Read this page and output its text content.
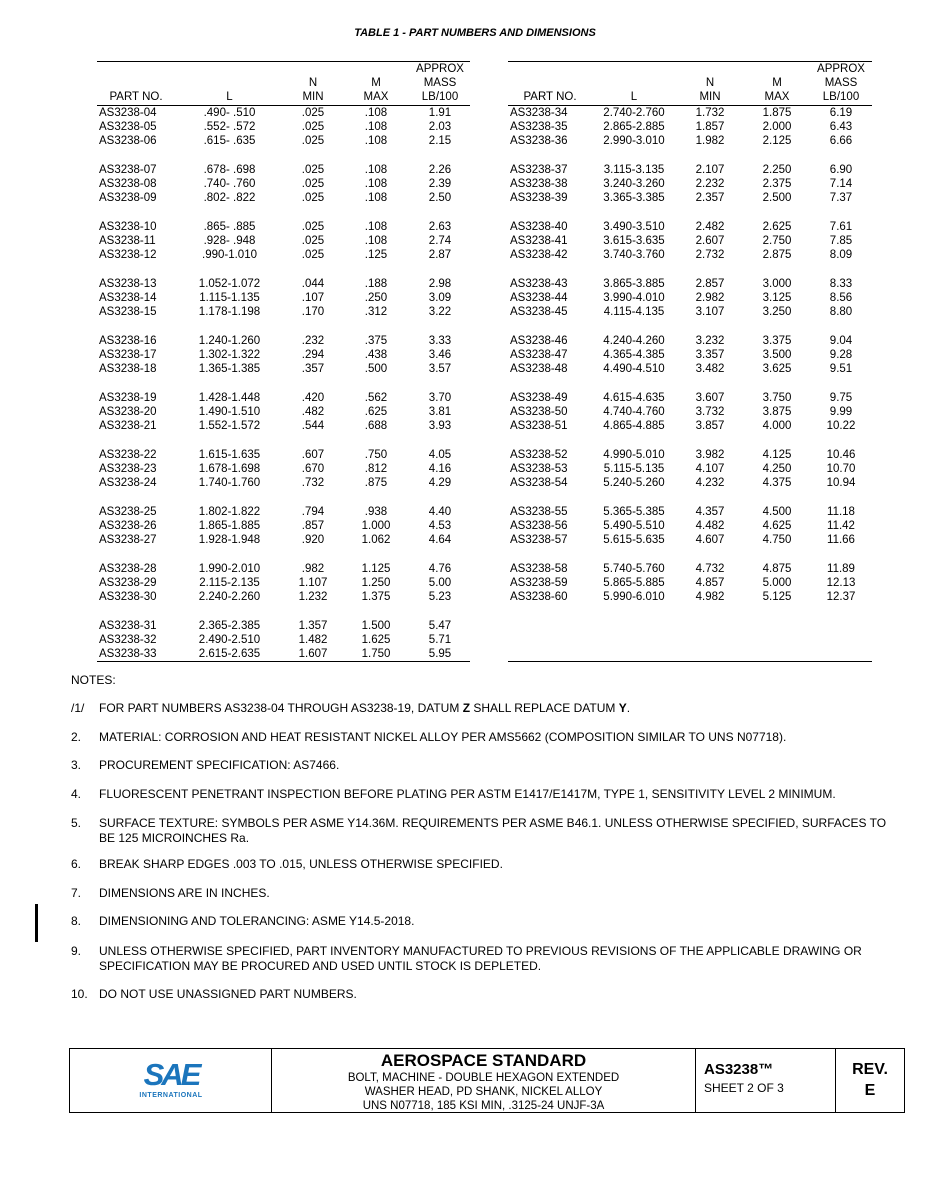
TABLE 1 - PART NUMBERS AND DIMENSIONS
				APPROX
		N	M	MASS
PART NO.	L	MIN	MAX	LB/100
AS3238-04	.490- .510	.025	.108	1.91
AS3238-05	.552- .572	.025	.108	2.03
AS3238-06	.615- .635	.025	.108	2.15
AS3238-07	.678- .698	.025	.108	2.26
AS3238-08	.740- .760	.025	.108	2.39
AS3238-09	.802- .822	.025	.108	2.50
AS3238-10	.865- .885	.025	.108	2.63
AS3238-11	.928- .948	.025	.108	2.74
AS3238-12	.990-1.010	.025	.125	2.87
AS3238-13	1.052-1.072	.044	.188	2.98
AS3238-14	1.115-1.135	.107	.250	3.09
AS3238-15	1.178-1.198	.170	.312	3.22
AS3238-16	1.240-1.260	.232	.375	3.33
AS3238-17	1.302-1.322	.294	.438	3.46
AS3238-18	1.365-1.385	.357	.500	3.57
AS3238-19	1.428-1.448	.420	.562	3.70
AS3238-20	1.490-1.510	.482	.625	3.81
AS3238-21	1.552-1.572	.544	.688	3.93
AS3238-22	1.615-1.635	.607	.750	4.05
AS3238-23	1.678-1.698	.670	.812	4.16
AS3238-24	1.740-1.760	.732	.875	4.29
AS3238-25	1.802-1.822	.794	.938	4.40
AS3238-26	1.865-1.885	.857	1.000	4.53
AS3238-27	1.928-1.948	.920	1.062	4.64
AS3238-28	1.990-2.010	.982	1.125	4.76
AS3238-29	2.115-2.135	1.107	1.250	5.00
AS3238-30	2.240-2.260	1.232	1.375	5.23
AS3238-31	2.365-2.385	1.357	1.500	5.47
AS3238-32	2.490-2.510	1.482	1.625	5.71
AS3238-33	2.615-2.635	1.607	1.750	5.95
				APPROX
		N	M	MASS
PART NO.	L	MIN	MAX	LB/100
AS3238-34	2.740-2.760	1.732	1.875	6.19
AS3238-35	2.865-2.885	1.857	2.000	6.43
AS3238-36	2.990-3.010	1.982	2.125	6.66
AS3238-37	3.115-3.135	2.107	2.250	6.90
AS3238-38	3.240-3.260	2.232	2.375	7.14
AS3238-39	3.365-3.385	2.357	2.500	7.37
AS3238-40	3.490-3.510	2.482	2.625	7.61
AS3238-41	3.615-3.635	2.607	2.750	7.85
AS3238-42	3.740-3.760	2.732	2.875	8.09
AS3238-43	3.865-3.885	2.857	3.000	8.33
AS3238-44	3.990-4.010	2.982	3.125	8.56
AS3238-45	4.115-4.135	3.107	3.250	8.80
AS3238-46	4.240-4.260	3.232	3.375	9.04
AS3238-47	4.365-4.385	3.357	3.500	9.28
AS3238-48	4.490-4.510	3.482	3.625	9.51
AS3238-49	4.615-4.635	3.607	3.750	9.75
AS3238-50	4.740-4.760	3.732	3.875	9.99
AS3238-51	4.865-4.885	3.857	4.000	10.22
AS3238-52	4.990-5.010	3.982	4.125	10.46
AS3238-53	5.115-5.135	4.107	4.250	10.70
AS3238-54	5.240-5.260	4.232	4.375	10.94
AS3238-55	5.365-5.385	4.357	4.500	11.18
AS3238-56	5.490-5.510	4.482	4.625	11.42
AS3238-57	5.615-5.635	4.607	4.750	11.66
AS3238-58	5.740-5.760	4.732	4.875	11.89
AS3238-59	5.865-5.885	4.857	5.000	12.13
AS3238-60	5.990-6.010	4.982	5.125	12.37

NOTES:
/1/ FOR PART NUMBERS AS3238-04 THROUGH AS3238-19, DATUM Z SHALL REPLACE DATUM Y.
2. MATERIAL: CORROSION AND HEAT RESISTANT NICKEL ALLOY PER AMS5662 (COMPOSITION SIMILAR TO UNS N07718).
3. PROCUREMENT SPECIFICATION: AS7466.
4. FLUORESCENT PENETRANT INSPECTION BEFORE PLATING PER ASTM E1417/E1417M, TYPE 1, SENSITIVITY LEVEL 2 MINIMUM.
5. SURFACE TEXTURE: SYMBOLS PER ASME Y14.36M. REQUIREMENTS PER ASME B46.1. UNLESS OTHERWISE SPECIFIED, SURFACES TO BE 125 MICROINCHES Ra.
6. BREAK SHARP EDGES .003 TO .015, UNLESS OTHERWISE SPECIFIED.
7. DIMENSIONS ARE IN INCHES.
8. DIMENSIONING AND TOLERANCING: ASME Y14.5-2018.
9. UNLESS OTHERWISE SPECIFIED, PART INVENTORY MANUFACTURED TO PREVIOUS REVISIONS OF THE APPLICABLE DRAWING OR SPECIFICATION MAY BE PROCURED AND USED UNTIL STOCK IS DEPLETED.
10. DO NOT USE UNASSIGNED PART NUMBERS.
SAE
INTERNATIONAL
AEROSPACE STANDARD
BOLT, MACHINE - DOUBLE HEXAGON EXTENDED
WASHER HEAD, PD SHANK, NICKEL ALLOY
UNS N07718, 185 KSI MIN, .3125-24 UNJF-3A
AS3238™
SHEET 2 OF 3
REV.
E
